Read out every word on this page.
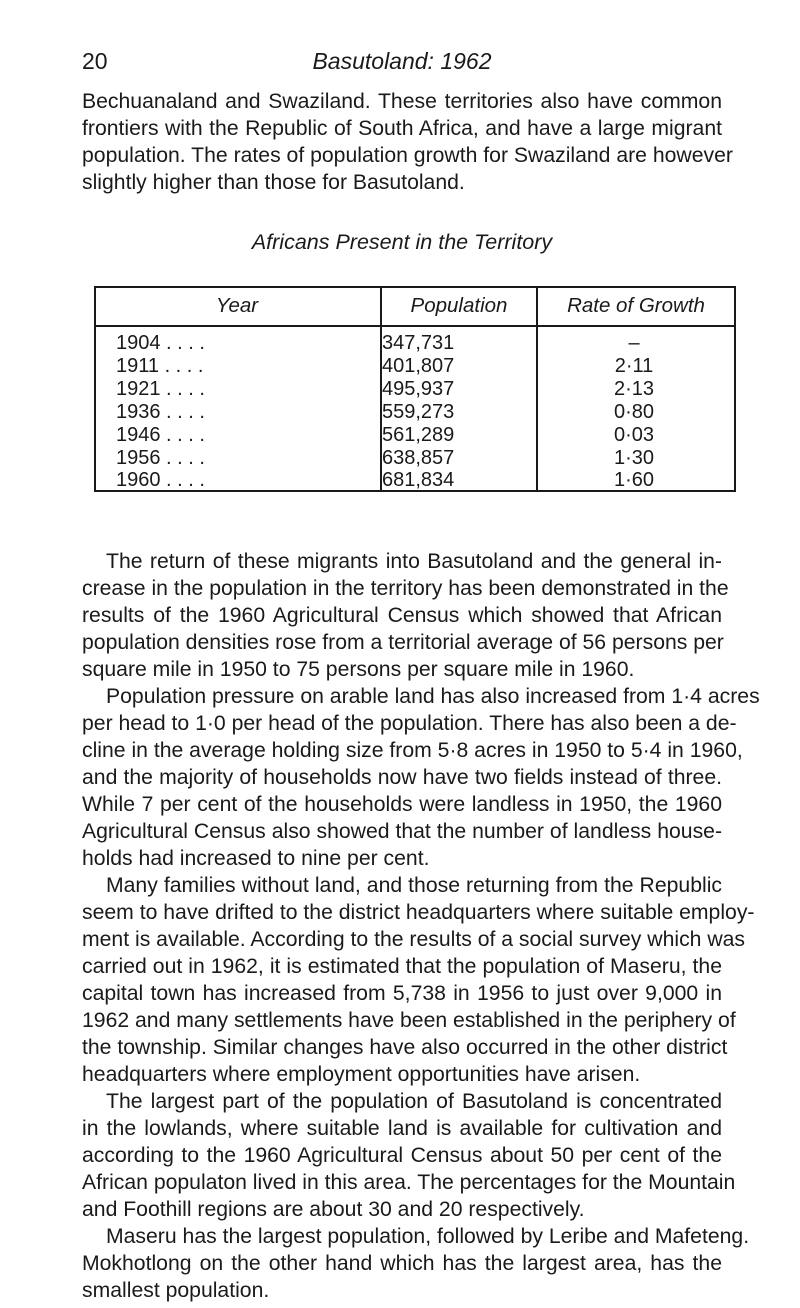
20	Basutoland: 1962
Bechuanaland and Swaziland. These territories also have common
frontiers with the Republic of South Africa, and have a large migrant
population. The rates of population growth for Swaziland are however
slightly higher than those for Basutoland.
Africans Present in the Territory
Year	Population	Rate of Growth
1904 . . . .	347,731	–
1911 . . . .	401,807	2·11
1921 . . . .	495,937	2·13
1936 . . . .	559,273	0·80
1946 . . . .	561,289	0·03
1956 . . . .	638,857	1·30
1960 . . . .	681,834	1·60
The return of these migrants into Basutoland and the general in-
crease in the population in the territory has been demonstrated in the
results of the 1960 Agricultural Census which showed that African
population densities rose from a territorial average of 56 persons per
square mile in 1950 to 75 persons per square mile in 1960.
Population pressure on arable land has also increased from 1·4 acres
per head to 1·0 per head of the population. There has also been a de-
cline in the average holding size from 5·8 acres in 1950 to 5·4 in 1960,
and the majority of households now have two fields instead of three.
While 7 per cent of the households were landless in 1950, the 1960
Agricultural Census also showed that the number of landless house-
holds had increased to nine per cent.
Many families without land, and those returning from the Republic
seem to have drifted to the district headquarters where suitable employ-
ment is available. According to the results of a social survey which was
carried out in 1962, it is estimated that the population of Maseru, the
capital town has increased from 5,738 in 1956 to just over 9,000 in
1962 and many settlements have been established in the periphery of
the township. Similar changes have also occurred in the other district
headquarters where employment opportunities have arisen.
The largest part of the population of Basutoland is concentrated
in the lowlands, where suitable land is available for cultivation and
according to the 1960 Agricultural Census about 50 per cent of the
African populaton lived in this area. The percentages for the Mountain
and Foothill regions are about 30 and 20 respectively.
Maseru has the largest population, followed by Leribe and Mafeteng.
Mokhotlong on the other hand which has the largest area, has the
smallest population.
